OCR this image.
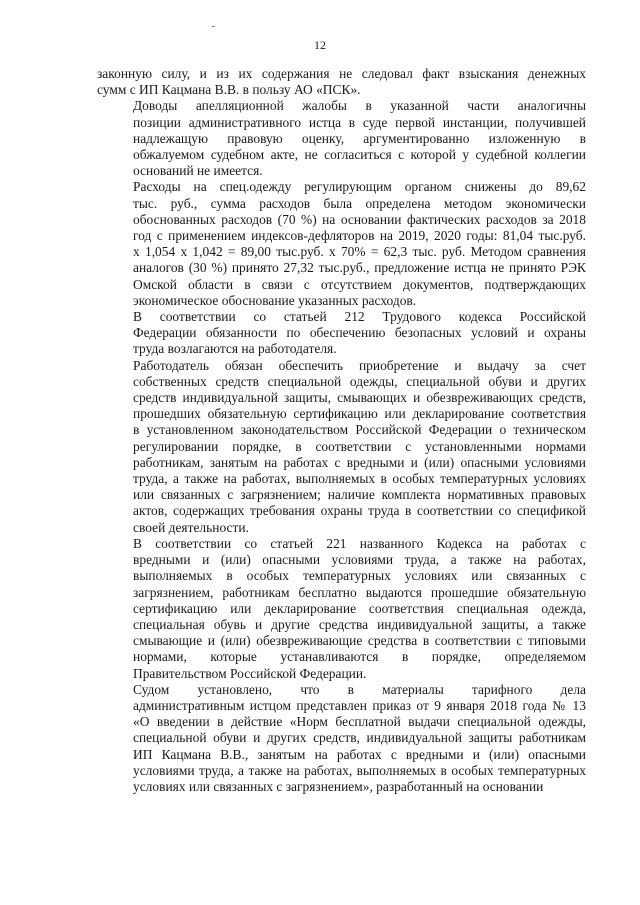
12

законную силу, и из их содержания не следовал факт взыскания денежных
сумм с ИП Кацмана В.В. в пользу АО «ПСК».

Доводы апелляционной жалобы в указанной части аналогичны
позиции административного истца в суде первой инстанции, получившей
надлежащую правовую оценку, аргументированно изложенную в
обжалуемом судебном акте, не согласиться с которой у судебной коллегии
оснований не имеется.

Расходы на спец.одежду регулирующим органом снижены до 89,62
тыс. руб., сумма расходов была определена методом экономически
обоснованных расходов (70 %) на основании фактических расходов за 2018
год с применением индексов-дефляторов на 2019, 2020 годы: 81,04 тыс.руб.
x 1,054 x 1,042 = 89,00 тыс.руб. x 70% = 62,3 тыс. руб. Методом сравнения
аналогов (30 %) принято 27,32 тыс.руб., предложение истца не принято РЭК
Омской области в связи с отсутствием документов, подтверждающих
экономическое обоснование указанных расходов.

В соответствии со статьей 212 Трудового кодекса Российской
Федерации обязанности по обеспечению безопасных условий и охраны
труда возлагаются на работодателя.

Работодатель обязан обеспечить приобретение и выдачу за счет
собственных средств специальной одежды, специальной обуви и других
средств индивидуальной защиты, смывающих и обезвреживающих средств,
прошедших обязательную сертификацию или декларирование соответствия
в установленном законодательством Российской Федерации о техническом
регулировании порядке, в соответствии с установленными нормами
работникам, занятым на работах с вредными и (или) опасными условиями
труда, а также на работах, выполняемых в особых температурных условиях
или связанных с загрязнением; наличие комплекта нормативных правовых
актов, содержащих требования охраны труда в соответствии со спецификой
своей деятельности.

В соответствии со статьей 221 названного Кодекса на работах с
вредными и (или) опасными условиями труда, а также на работах,
выполняемых в особых температурных условиях или связанных с
загрязнением, работникам бесплатно выдаются прошедшие обязательную
сертификацию или декларирование соответствия специальная одежда,
специальная обувь и другие средства индивидуальной защиты, а также
смывающие и (или) обезвреживающие средства в соответствии с типовыми
нормами, которые устанавливаются в порядке, определяемом
Правительством Российской Федерации.

Судом установлено, что в материалы тарифного дела
административным истцом представлен приказ от 9 января 2018 года № 13
«О введении в действие «Норм бесплатной выдачи специальной одежды,
специальной обуви и других средств, индивидуальной защиты работникам
ИП Кацмана В.В., занятым на работах с вредными и (или) опасными
условиями труда, а также на работах, выполняемых в особых температурных
условиях или связанных с загрязнением», разработанный на основании
